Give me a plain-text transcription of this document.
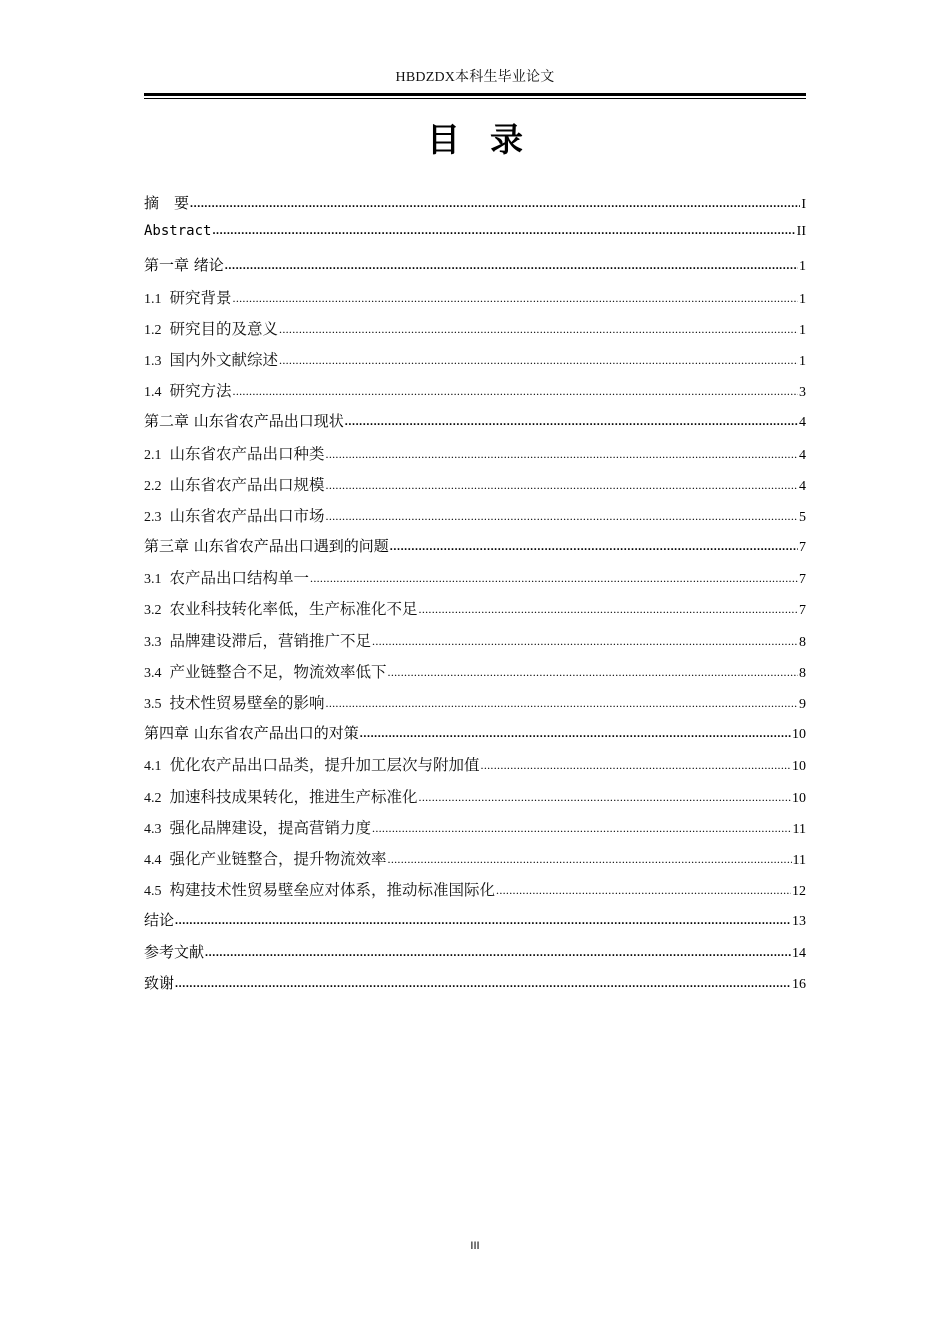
HBDZDX本科生毕业论文
目录
摘　要 .....	I
Abstract .....	II
第一章 绪论 .....	1
1.1 研究背景 .....	1
1.2 研究目的及意义 .....	1
1.3 国内外文献综述 .....	1
1.4 研究方法 .....	3
第二章 山东省农产品出口现状 .....	4
2.1 山东省农产品出口种类 .....	4
2.2 山东省农产品出口规模 .....	4
2.3 山东省农产品出口市场 .....	5
第三章 山东省农产品出口遇到的问题 .....	7
3.1 农产品出口结构单一 .....	7
3.2 农业科技转化率低，生产标准化不足 .....	7
3.3 品牌建设滞后，营销推广不足 .....	8
3.4 产业链整合不足，物流效率低下 .....	8
3.5 技术性贸易壁垒的影响 .....	9
第四章 山东省农产品出口的对策 .....	10
4.1 优化农产品出口品类，提升加工层次与附加值 .....	10
4.2 加速科技成果转化，推进生产标准化 .....	10
4.3 强化品牌建设，提高营销力度 .....	11
4.4 强化产业链整合，提升物流效率 .....	11
4.5 构建技术性贸易壁垒应对体系，推动标准国际化 .....	12
结论 .....	13
参考文献 .....	14
致谢 .....	16
III
